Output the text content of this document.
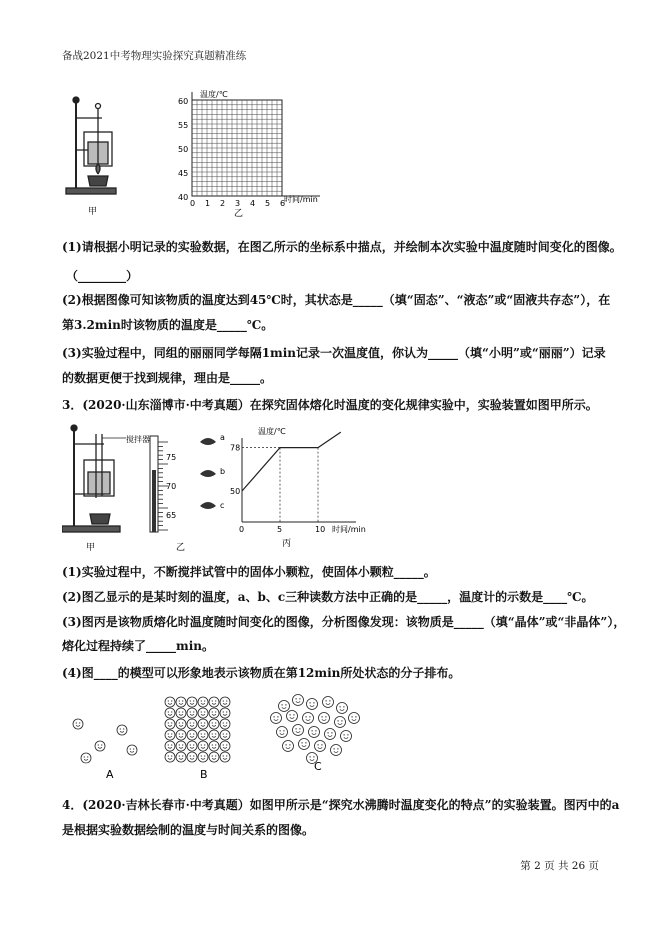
备战2021中考物理实验探究真题精准练
甲
温度/℃
时间/min
60
55
50
45
40
0 1 2 3 4 5 6
乙
(1)请根据小明记录的实验数据，在图乙所示的坐标系中描点，并绘制本次实验中温度随时间变化的图像。
（________）
(2)根据图像可知该物质的温度达到45℃时，其状态是_____（填“固态”、“液态”或“固液共存态”），在
第3.2min时该物质的温度是_____℃。
(3)实验过程中，同组的丽丽同学每隔1min记录一次温度值，你认为_____（填“小明”或“丽丽”）记录
的数据更便于找到规律，理由是_____。
3．(2020·山东淄博市·中考真题）在探究固体熔化时温度的变化规律实验中，实验装置如图甲所示。
搅拌器
甲
75
70
65
a
b
c
乙
温度/℃
时间/min
78
50
0	5	10
丙
(1)实验过程中，不断搅拌试管中的固体小颗粒，使固体小颗粒_____。
(2)图乙显示的是某时刻的温度，a、b、c三种读数方法中正确的是_____，温度计的示数是____℃。
(3)图丙是该物质熔化时温度随时间变化的图像，分析图像发现：该物质是_____（填“晶体”或“非晶体”），
熔化过程持续了_____min。
(4)图____的模型可以形象地表示该物质在第12min所处状态的分子排布。
A	B
C
4．(2020·吉林长春市·中考真题）如图甲所示是“探究水沸腾时温度变化的特点”的实验装置。图丙中的a
是根据实验数据绘制的温度与时间关系的图像。
第 2 页 共 26 页
